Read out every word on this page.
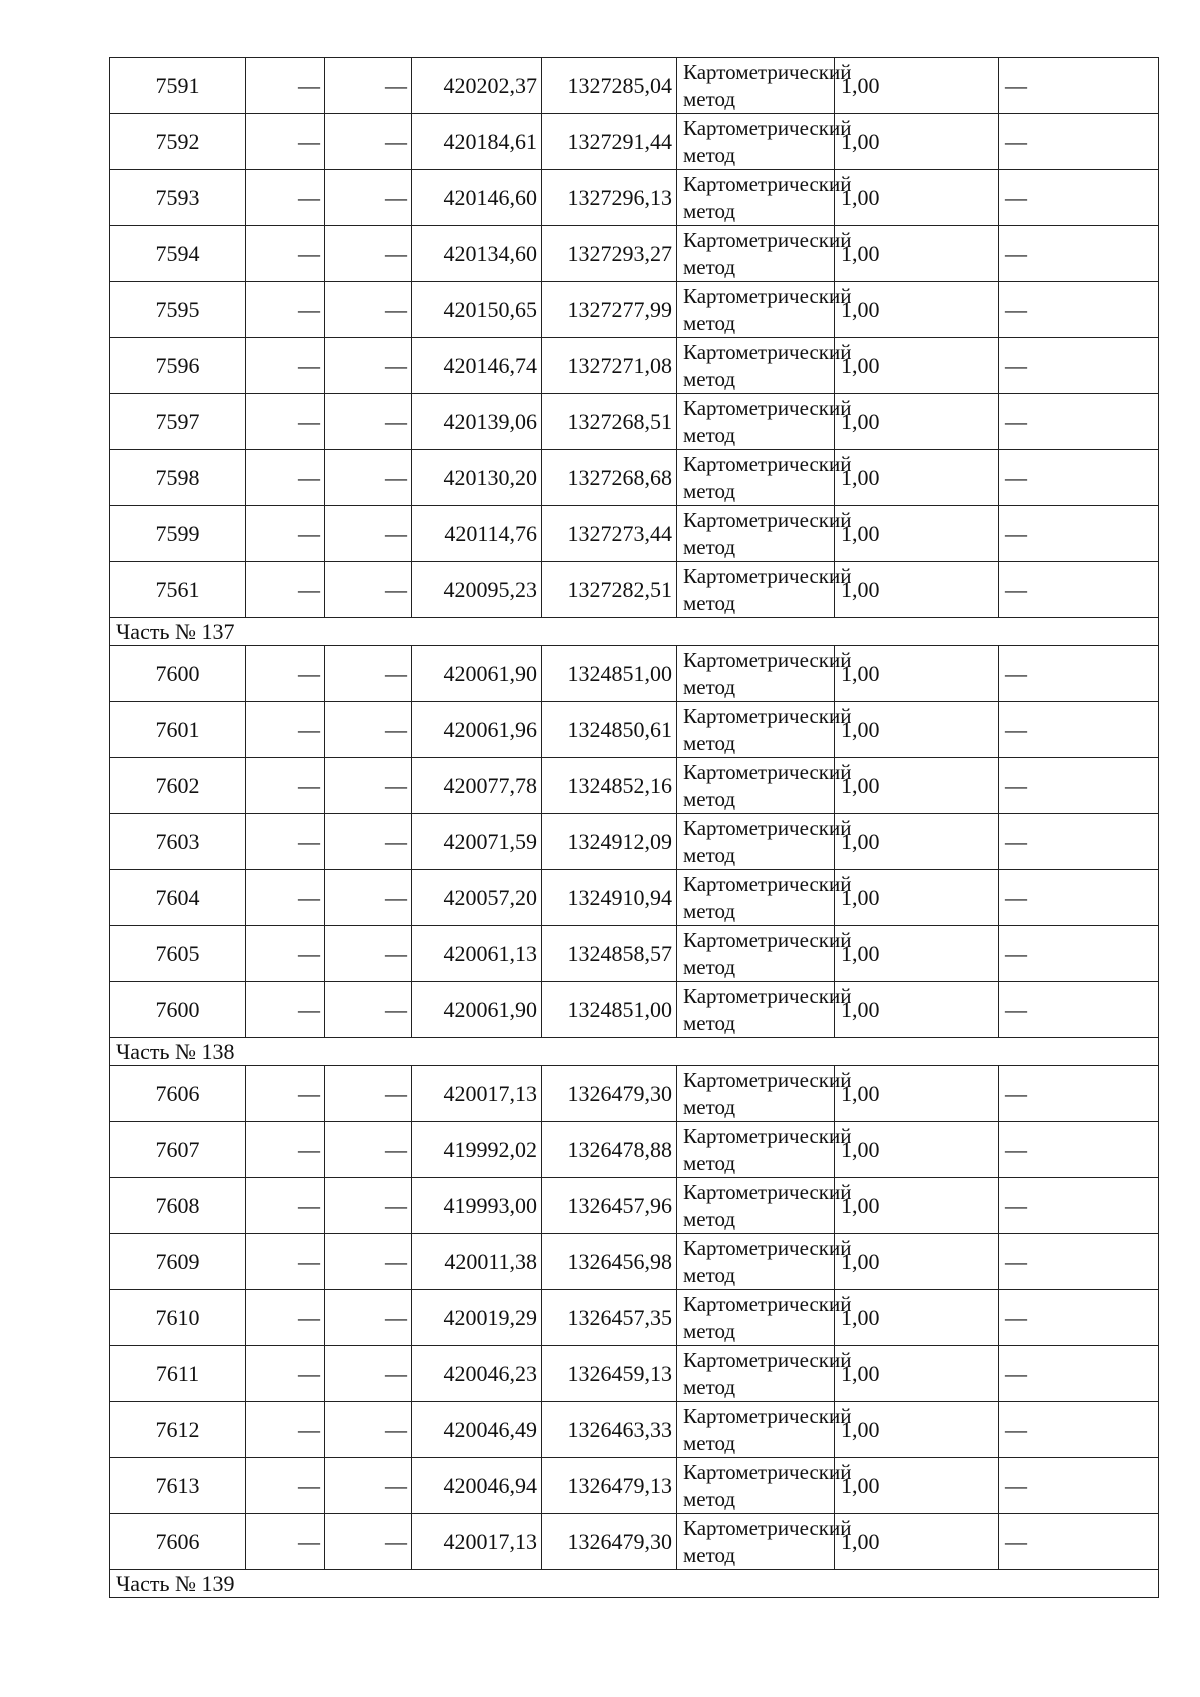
7591	—	—	420202,37	1327285,04	Картометрический метод	1,00	—
7592	—	—	420184,61	1327291,44	Картометрический метод	1,00	—
7593	—	—	420146,60	1327296,13	Картометрический метод	1,00	—
7594	—	—	420134,60	1327293,27	Картометрический метод	1,00	—
7595	—	—	420150,65	1327277,99	Картометрический метод	1,00	—
7596	—	—	420146,74	1327271,08	Картометрический метод	1,00	—
7597	—	—	420139,06	1327268,51	Картометрический метод	1,00	—
7598	—	—	420130,20	1327268,68	Картометрический метод	1,00	—
7599	—	—	420114,76	1327273,44	Картометрический метод	1,00	—
7561	—	—	420095,23	1327282,51	Картометрический метод	1,00	—
Часть № 137							
7600	—	—	420061,90	1324851,00	Картометрический метод	1,00	—
7601	—	—	420061,96	1324850,61	Картометрический метод	1,00	—
7602	—	—	420077,78	1324852,16	Картометрический метод	1,00	—
7603	—	—	420071,59	1324912,09	Картометрический метод	1,00	—
7604	—	—	420057,20	1324910,94	Картометрический метод	1,00	—
7605	—	—	420061,13	1324858,57	Картометрический метод	1,00	—
7600	—	—	420061,90	1324851,00	Картометрический метод	1,00	—
Часть № 138							
7606	—	—	420017,13	1326479,30	Картометрический метод	1,00	—
7607	—	—	419992,02	1326478,88	Картометрический метод	1,00	—
7608	—	—	419993,00	1326457,96	Картометрический метод	1,00	—
7609	—	—	420011,38	1326456,98	Картометрический метод	1,00	—
7610	—	—	420019,29	1326457,35	Картометрический метод	1,00	—
7611	—	—	420046,23	1326459,13	Картометрический метод	1,00	—
7612	—	—	420046,49	1326463,33	Картометрический метод	1,00	—
7613	—	—	420046,94	1326479,13	Картометрический метод	1,00	—
7606	—	—	420017,13	1326479,30	Картометрический метод	1,00	—
Часть № 139							
